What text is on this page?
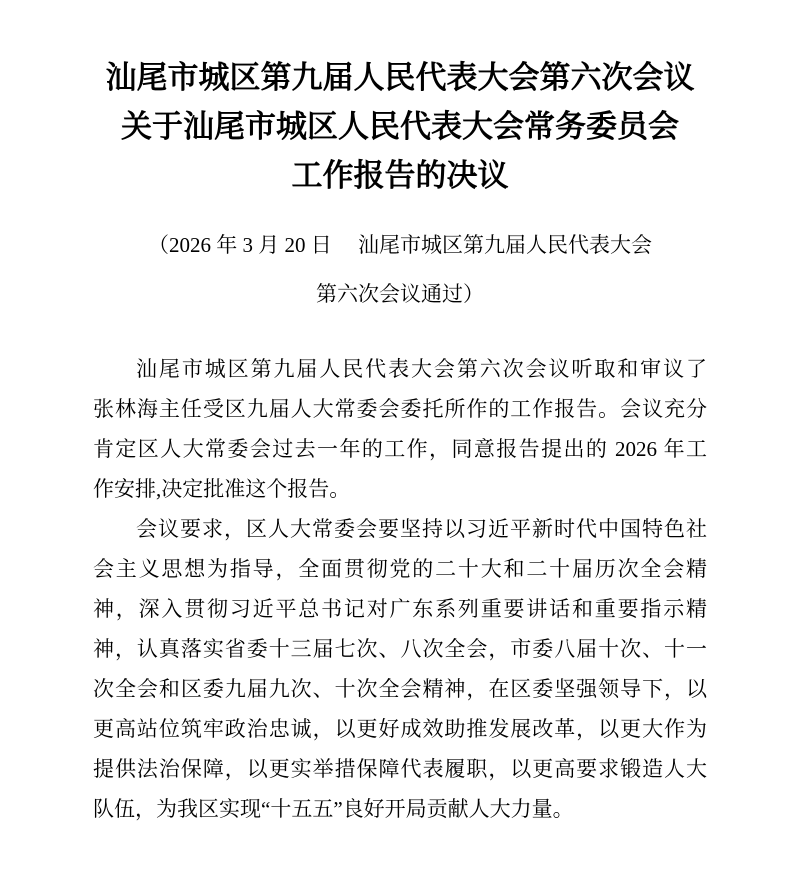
汕尾市城区第九届人民代表大会第六次会议
关于汕尾市城区人民代表大会常务委员会
工作报告的决议
（2026 年 3 月 20 日　 汕尾市城区第九届人民代表大会
第六次会议通过）
汕尾市城区第九届人民代表大会第六次会议听取和审议了
张林海主任受区九届人大常委会委托所作的工作报告。会议充分
肯定区人大常委会过去一年的工作，同意报告提出的 2026 年工
作安排,决定批准这个报告。
会议要求，区人大常委会要坚持以习近平新时代中国特色社
会主义思想为指导，全面贯彻党的二十大和二十届历次全会精
神，深入贯彻习近平总书记对广东系列重要讲话和重要指示精
神，认真落实省委十三届七次、八次全会，市委八届十次、十一
次全会和区委九届九次、十次全会精神，在区委坚强领导下，以
更高站位筑牢政治忠诚，以更好成效助推发展改革，以更大作为
提供法治保障，以更实举措保障代表履职，以更高要求锻造人大
队伍，为我区实现“十五五”良好开局贡献人大力量。
